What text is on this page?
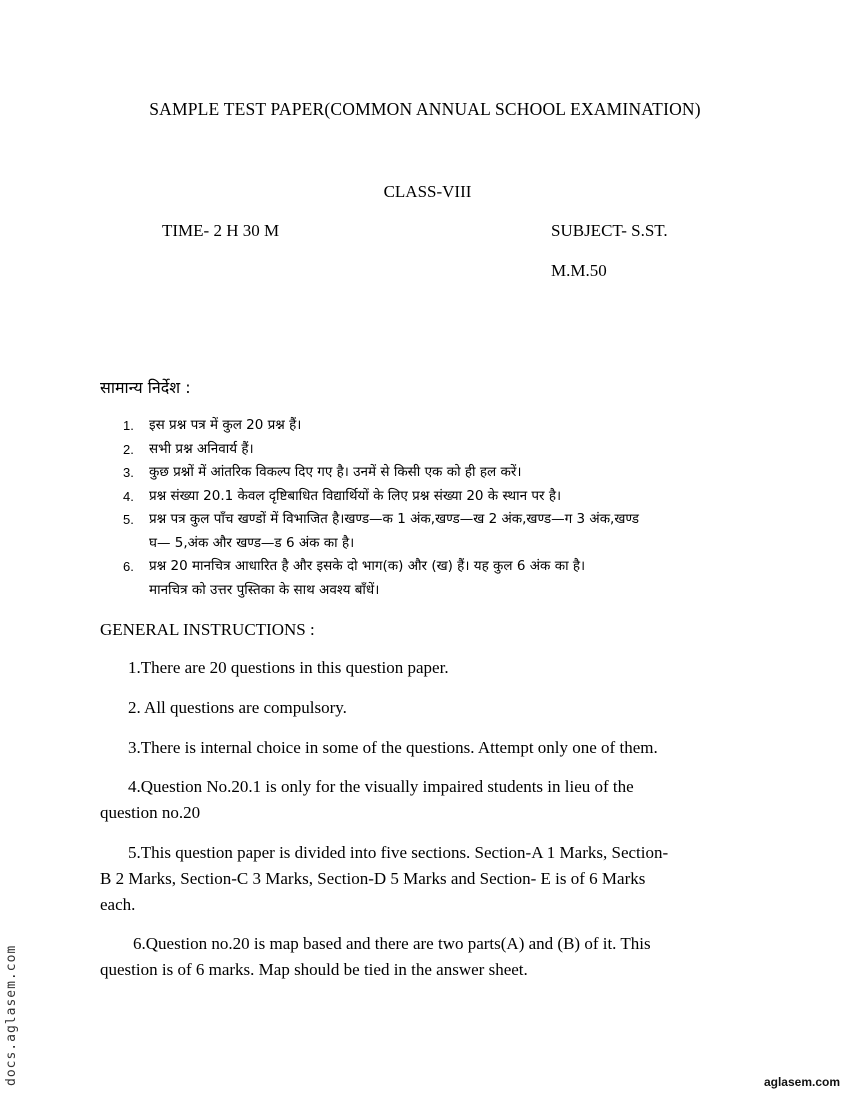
SAMPLE TEST PAPER(COMMON ANNUAL SCHOOL EXAMINATION)
CLASS-VIII
TIME- 2 H 30 M	SUBJECT- S.ST.
M.M.50
सामान्य निर्देश :
1.	इस प्रश्न पत्र में कुल 20 प्रश्न हैं।
2.	सभी प्रश्न अनिवार्य हैं।
3.	कुछ प्रश्नों में आंतरिक विकल्प दिए गए है। उनमें से किसी एक को ही हल करें।
4.	प्रश्न संख्या 20.1 केवल दृष्टिबाधित विद्यार्थियों के लिए प्रश्न संख्या 20 के स्थान पर है।
5.	प्रश्न पत्र कुल पाँच खण्डों में विभाजित है।खण्ड—क 1 अंक,खण्ड—ख 2 अंक,खण्ड—ग 3 अंक,खण्ड
घ— 5,अंक और खण्ड—ड 6 अंक का है।
6.	प्रश्न 20 मानचित्र आधारित है और इसके दो भाग(क) और (ख) हैं। यह कुल 6 अंक का है।
मानचित्र को उत्तर पुस्तिका के साथ अवश्य बाँधें।
GENERAL INSTRUCTIONS :
1.There are 20 questions in this question paper.
2. All questions are compulsory.
3.There is internal choice in some of the questions. Attempt only one of them.
4.Question No.20.1 is only for the visually impaired students in lieu of the
question no.20
5.This question paper is divided into five sections. Section-A 1 Marks, Section-
B 2 Marks, Section-C 3 Marks, Section-D 5 Marks and Section- E is of 6 Marks
each.
6.Question no.20 is map based and there are two parts(A) and (B) of it. This
question is of 6 marks. Map should be tied in the answer sheet.
docs.aglasem.com	aglasem.com
